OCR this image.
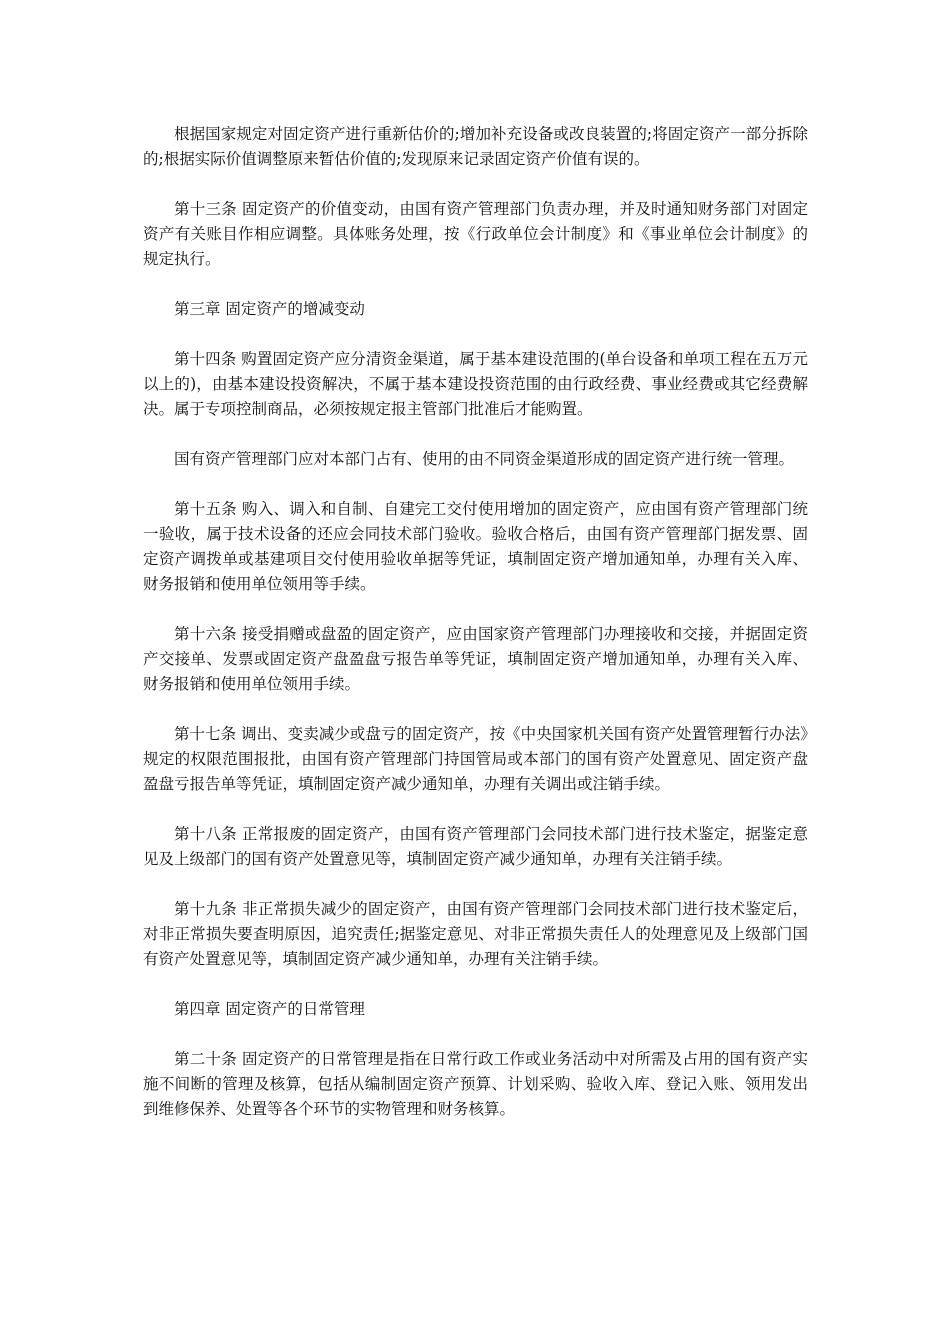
根据国家规定对固定资产进行重新估价的;增加补充设备或改良装置的;将固定资产一部分拆除的;根据实际价值调整原来暂估价值的;发现原来记录固定资产价值有误的。

第十三条 固定资产的价值变动，由国有资产管理部门负责办理，并及时通知财务部门对固定资产有关账目作相应调整。具体账务处理，按《行政单位会计制度》和《事业单位会计制度》的规定执行。

第三章 固定资产的增减变动

第十四条 购置固定资产应分清资金渠道，属于基本建设范围的(单台设备和单项工程在五万元以上的)，由基本建设投资解决，不属于基本建设投资范围的由行政经费、事业经费或其它经费解决。属于专项控制商品，必须按规定报主管部门批准后才能购置。

国有资产管理部门应对本部门占有、使用的由不同资金渠道形成的固定资产进行统一管理。

第十五条 购入、调入和自制、自建完工交付使用增加的固定资产，应由国有资产管理部门统一验收，属于技术设备的还应会同技术部门验收。验收合格后，由国有资产管理部门据发票、固定资产调拨单或基建项目交付使用验收单据等凭证，填制固定资产增加通知单，办理有关入库、财务报销和使用单位领用等手续。

第十六条 接受捐赠或盘盈的固定资产，应由国家资产管理部门办理接收和交接，并据固定资产交接单、发票或固定资产盘盈盘亏报告单等凭证，填制固定资产增加通知单，办理有关入库、财务报销和使用单位领用手续。

第十七条 调出、变卖减少或盘亏的固定资产，按《中央国家机关国有资产处置管理暂行办法》规定的权限范围报批，由国有资产管理部门持国管局或本部门的国有资产处置意见、固定资产盘盈盘亏报告单等凭证，填制固定资产减少通知单，办理有关调出或注销手续。

第十八条 正常报废的固定资产，由国有资产管理部门会同技术部门进行技术鉴定，据鉴定意见及上级部门的国有资产处置意见等，填制固定资产减少通知单，办理有关注销手续。

第十九条 非正常损失减少的固定资产，由国有资产管理部门会同技术部门进行技术鉴定后，对非正常损失要查明原因，追究责任;据鉴定意见、对非正常损失责任人的处理意见及上级部门国有资产处置意见等，填制固定资产减少通知单，办理有关注销手续。

第四章 固定资产的日常管理

第二十条 固定资产的日常管理是指在日常行政工作或业务活动中对所需及占用的国有资产实施不间断的管理及核算，包括从编制固定资产预算、计划采购、验收入库、登记入账、领用发出到维修保养、处置等各个环节的实物管理和财务核算。
